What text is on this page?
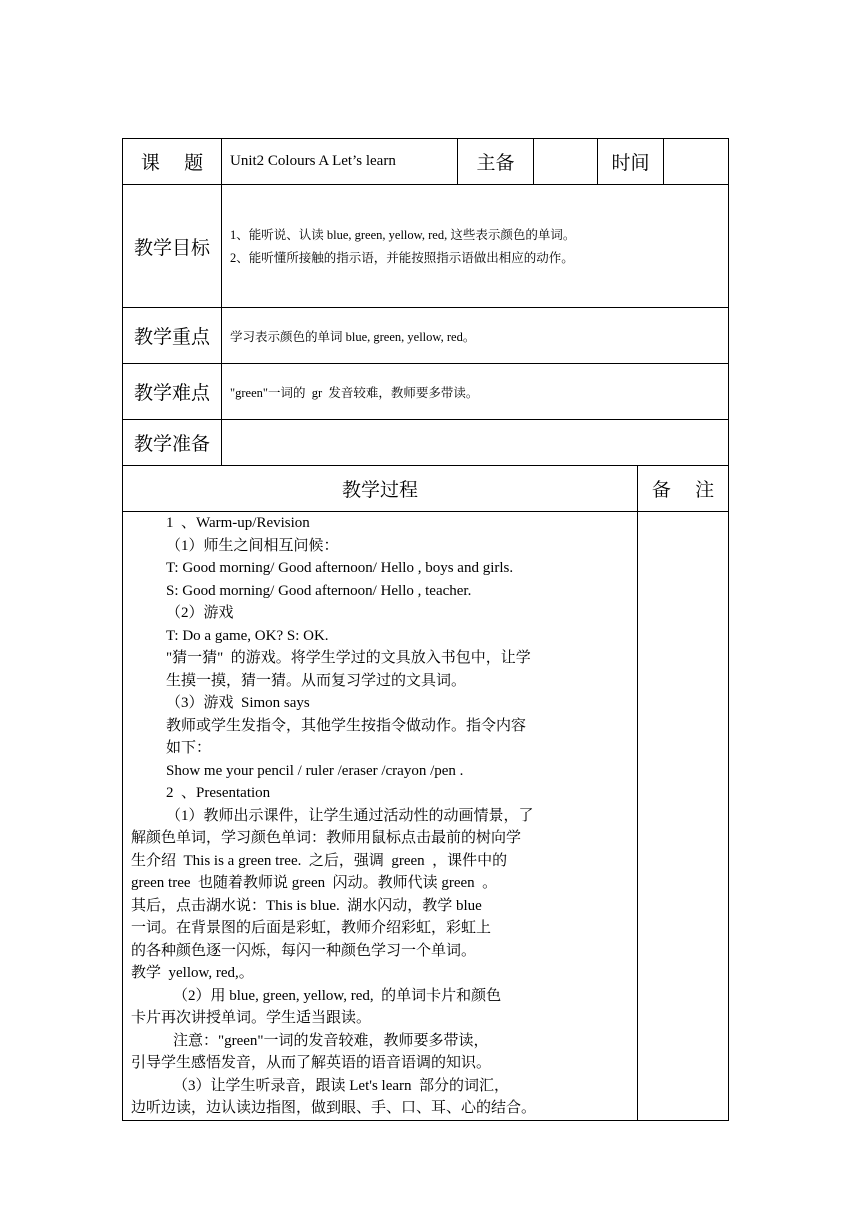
课    题 Unit2 Colours A Let’s learn	主备	时间
教学目标
1、能听说、认读 blue, green, yellow, red, 这些表示颜色的单词。
2、能听懂所接触的指示语，并能按照指示语做出相应的动作。
教学重点 学习表示颜色的单词 blue, green, yellow, red。
教学难点 "green"一词的  gr  发音较难，教师要多带读。
教学准备
教学过程	备    注

1  、Warm-up/Revision

（1）师生之间相互问候：

T: Good morning/ Good afternoon/ Hello , boys and girls.

S: Good morning/ Good afternoon/ Hello , teacher.

（2）游戏

T: Do a game, OK? S: OK.

"猜一猜"  的游戏。将学生学过的文具放入书包中，让学

生摸一摸，猜一猜。从而复习学过的文具词。

（3）游戏  Simon says

教师或学生发指令，其他学生按指令做动作。指令内容

如下：

Show me your pencil / ruler /eraser /crayon /pen .

2  、Presentation

（1）教师出示课件，让学生通过活动性的动画情景，了

解颜色单词，学习颜色单词：教师用鼠标点击最前的树向学

生介绍  This is a green tree.  之后，强调  green  ，课件中的

green tree  也随着教师说 green  闪动。教师代读 green  。

其后，点击湖水说：This is blue.  湖水闪动，教学 blue

一词。在背景图的后面是彩虹，教师介绍彩虹，彩虹上

的各种颜色逐一闪烁，每闪一种颜色学习一个单词。

教学  yellow, red,。

（2）用 blue, green, yellow, red,  的单词卡片和颜色

卡片再次讲授单词。学生适当跟读。

注意："green"一词的发音较难，教师要多带读，

引导学生感悟发音，从而了解英语的语音语调的知识。

（3）让学生听录音，跟读 Let's learn  部分的词汇，

边听边读，边认读边指图，做到眼、手、口、耳、心的结合。
